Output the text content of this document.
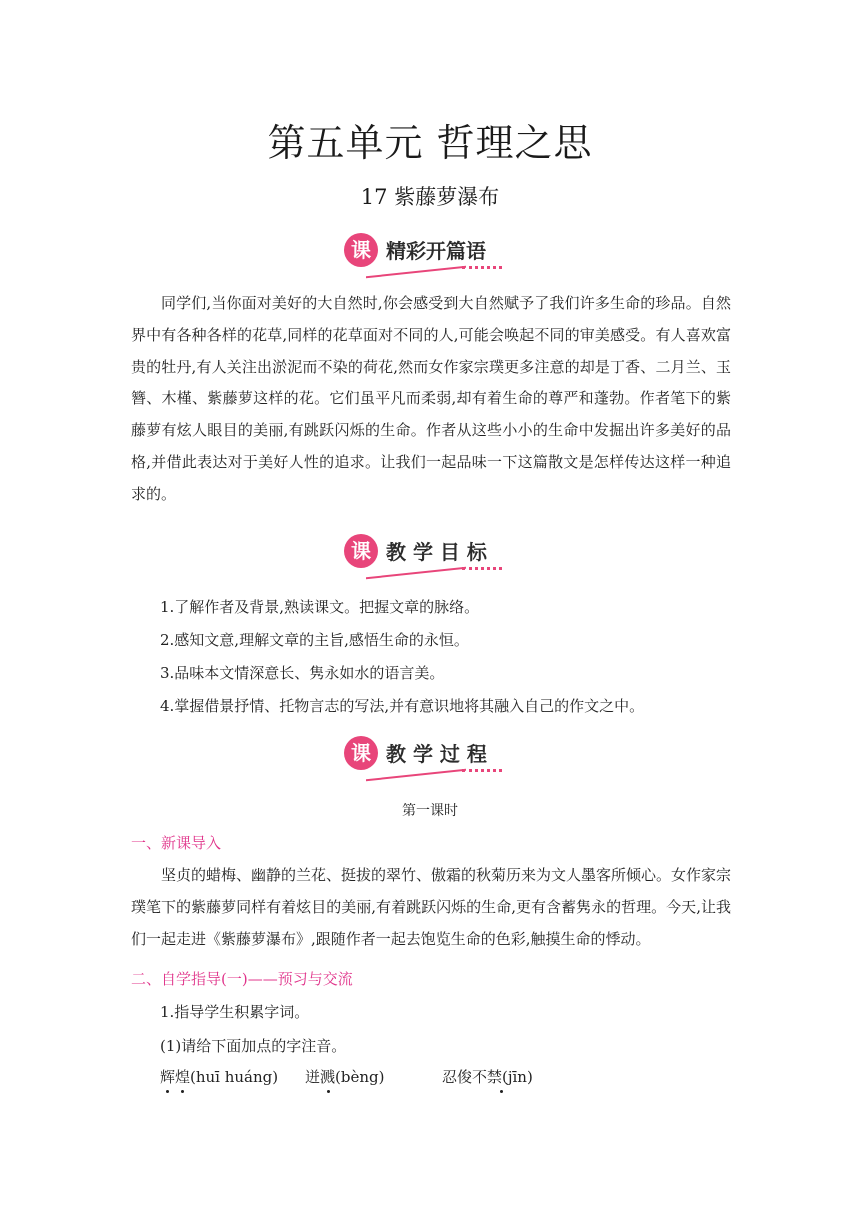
第五单元 哲理之思
17 紫藤萝瀑布
课 精彩开篇语

同学们,当你面对美好的大自然时,你会感受到大自然赋予了我们许多生命的珍品。自然界中有各种各样的花草,同样的花草面对不同的人,可能会唤起不同的审美感受。有人喜欢富贵的牡丹,有人关注出淤泥而不染的荷花,然而女作家宗璞更多注意的却是丁香、二月兰、玉簪、木槿、紫藤萝这样的花。它们虽平凡而柔弱,却有着生命的尊严和蓬勃。作者笔下的紫藤萝有炫人眼目的美丽,有跳跃闪烁的生命。作者从这些小小的生命中发掘出许多美好的品格,并借此表达对于美好人性的追求。让我们一起品味一下这篇散文是怎样传达这样一种追求的。

课 教 学 目 标

1.了解作者及背景,熟读课文。把握文章的脉络。

2.感知文意,理解文章的主旨,感悟生命的永恒。

3.品味本文情深意长、隽永如水的语言美。

4.掌握借景抒情、托物言志的写法,并有意识地将其融入自己的作文之中。

课 教 学 过 程

第一课时

一、新课导入

坚贞的蜡梅、幽静的兰花、挺拔的翠竹、傲霜的秋菊历来为文人墨客所倾心。女作家宗璞笔下的紫藤萝同样有着炫目的美丽,有着跳跃闪烁的生命,更有含蓄隽永的哲理。今天,让我们一起走进《紫藤萝瀑布》,跟随作者一起去饱览生命的色彩,触摸生命的悸动。

二、自学指导(一)——预习与交流

1.指导学生积累字词。

(1)请给下面加点的字注音。

辉煌(huī huáng) 迸溅(bèng)	忍俊不禁(jīn)
